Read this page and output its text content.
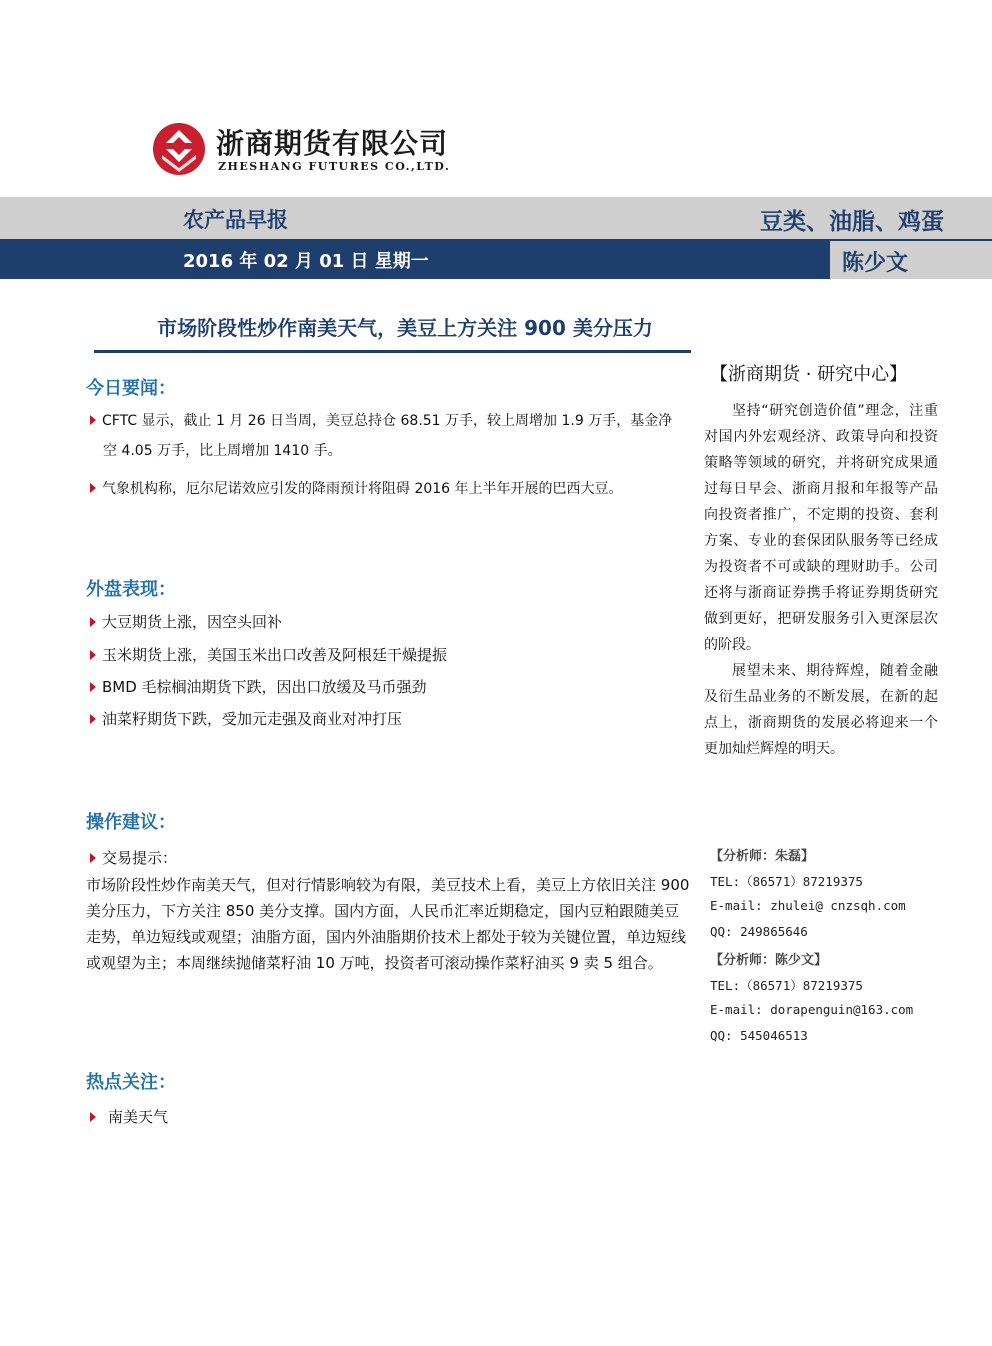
浙商期货有限公司
ZHESHANG FUTURES CO.,LTD.
农产品早报	豆类、油脂、鸡蛋
2016 年 02 月 01 日 星期一	陈少文
市场阶段性炒作南美天气，美豆上方关注 900 美分压力
今日要闻：
CFTC 显示，截止 1 月 26 日当周，美豆总持仓 68.51 万手，较上周增加 1.9 万手，基金净
空 4.05 万手，比上周增加 1410 手。
气象机构称，厄尔尼诺效应引发的降雨预计将阻碍 2016 年上半年开展的巴西大豆。
外盘表现：
大豆期货上涨，因空头回补
玉米期货上涨，美国玉米出口改善及阿根廷干燥提振
BMD 毛棕榈油期货下跌，因出口放缓及马币强劲
油菜籽期货下跌，受加元走强及商业对冲打压
操作建议：
交易提示：
市场阶段性炒作南美天气，但对行情影响较为有限，美豆技术上看，美豆上方依旧关注 900 美分压力，下方关注 850 美分支撑。国内方面，人民币汇率近期稳定，国内豆粕跟随美豆走势，单边短线或观望；油脂方面，国内外油脂期价技术上都处于较为关键位置，单边短线或观望为主；本周继续抛储菜籽油 10 万吨，投资者可滚动操作菜籽油买 9 卖 5 组合。
热点关注：
南美天气
【浙商期货 · 研究中心】

坚持“研究创造价值”理念，注重对国内外宏观经济、政策导向和投资策略等领域的研究，并将研究成果通过每日早会、浙商月报和年报等产品向投资者推广，不定期的投资、套利方案、专业的套保团队服务等已经成为投资者不可或缺的理财助手。公司还将与浙商证券携手将证券期货研究做到更好，把研发服务引入更深层次的阶段。

展望未来、期待辉煌，随着金融及衍生品业务的不断发展，在新的起点上，浙商期货的发展必将迎来一个更加灿烂辉煌的明天。

【分析师：朱磊】
TEL:（86571）87219375
E-mail: zhulei@ cnzsqh.com
QQ: 249865646
【分析师：陈少文】
TEL:（86571）87219375
E-mail: dorapenguin@163.com
QQ: 545046513
